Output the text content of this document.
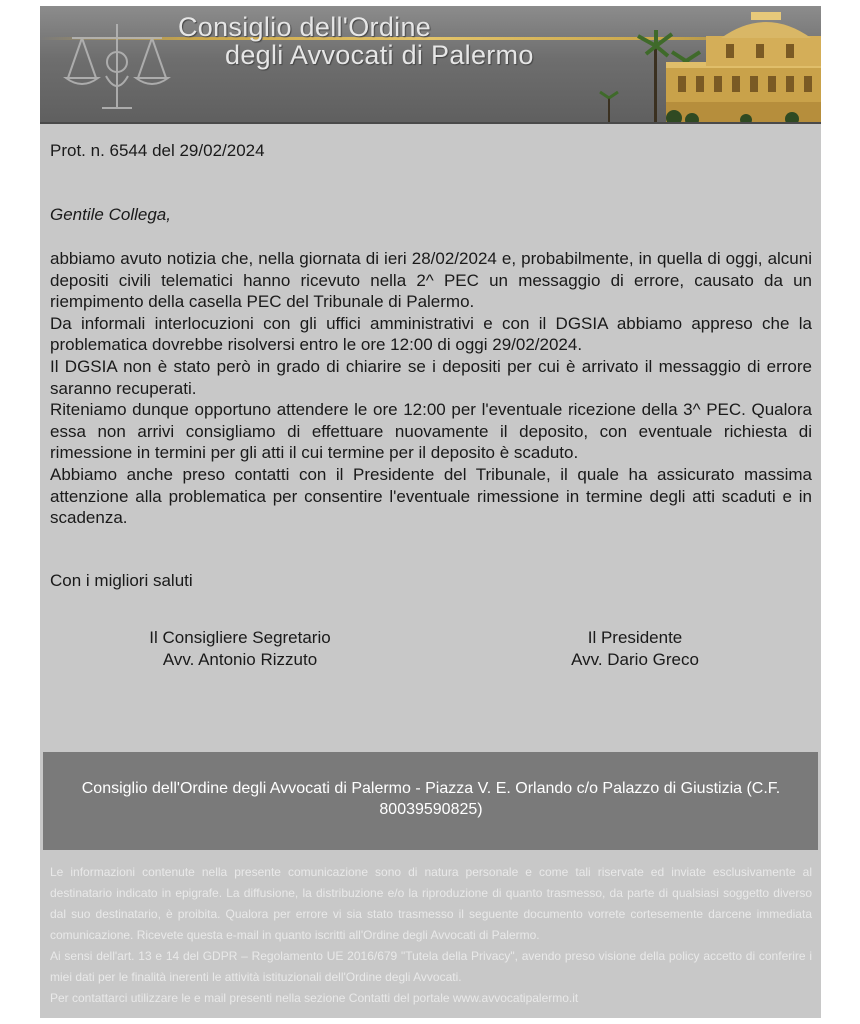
Consiglio dell'Ordine
degli Avvocati di Palermo
Prot. n. 6544 del 29/02/2024
Gentile Collega,

abbiamo avuto notizia che, nella giornata di ieri 28/02/2024 e, probabilmente, in quella di oggi, alcuni depositi civili telematici hanno ricevuto nella 2^ PEC un messaggio di errore, causato da un riempimento della casella PEC del Tribunale di Palermo.

Da informali interlocuzioni con gli uffici amministrativi e con il DGSIA abbiamo appreso che la problematica dovrebbe risolversi entro le ore 12:00 di oggi 29/02/2024.

Il DGSIA non è stato però in grado di chiarire se i depositi per cui è arrivato il messaggio di errore saranno recuperati.

Riteniamo dunque opportuno attendere le ore 12:00 per l'eventuale ricezione della 3^ PEC. Qualora essa non arrivi consigliamo di effettuare nuovamente il deposito, con eventuale richiesta di rimessione in termini per gli atti il cui termine per il deposito è scaduto.

Abbiamo anche preso contatti con il Presidente del Tribunale, il quale ha assicurato massima attenzione alla problematica per consentire l'eventuale rimessione in termine degli atti scaduti e in scadenza.

Con i migliori saluti
Il Consigliere Segretario
Avv. Antonio Rizzuto
Il Presidente
Avv. Dario Greco
Consiglio dell'Ordine degli Avvocati di Palermo - Piazza V. E. Orlando c/o Palazzo di Giustizia (C.F. 80039590825)

Le informazioni contenute nella presente comunicazione sono di natura personale e come tali riservate ed inviate esclusivamente al destinatario indicato in epigrafe. La diffusione, la distribuzione e/o la riproduzione di quanto trasmesso, da parte di qualsiasi soggetto diverso dal suo destinatario, è proibita. Qualora per errore vi sia stato trasmesso il seguente documento vorrete cortesemente darcene immediata comunicazione. Ricevete questa e-mail in quanto iscritti all'Ordine degli Avvocati di Palermo.

Ai sensi dell'art. 13 e 14 del GDPR – Regolamento UE 2016/679 "Tutela della Privacy", avendo preso visione della policy accetto di conferire i miei dati per le finalità inerenti le attività istituzionali dell'Ordine degli Avvocati.

Per contattarci utilizzare le e mail presenti nella sezione Contatti del portale www.avvocatipalermo.it
